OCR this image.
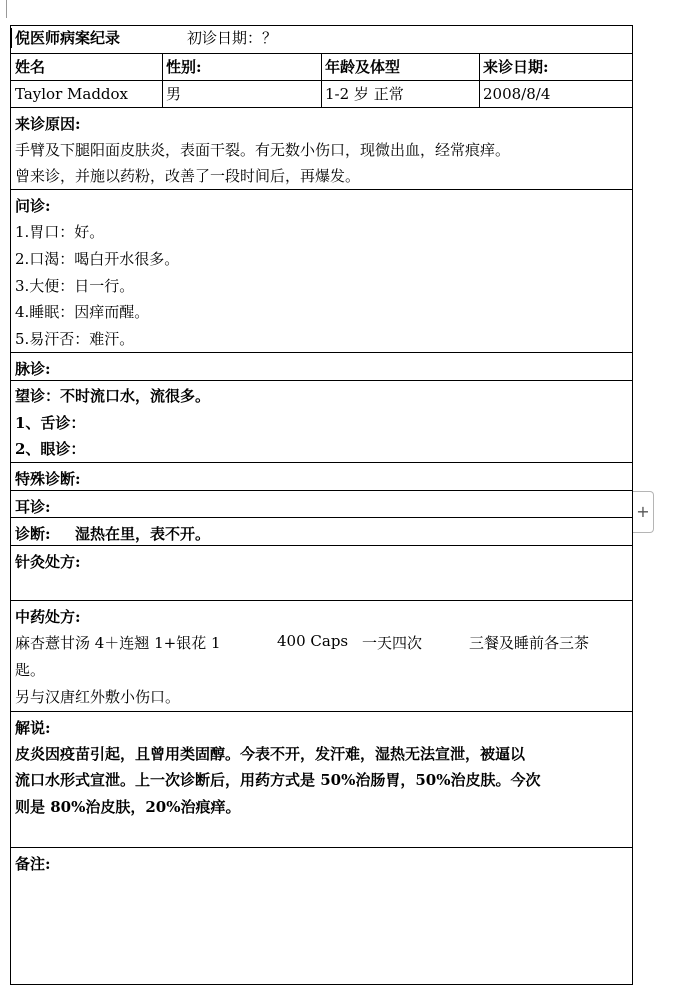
倪医师病案纪录	初诊日期：？
姓名	性别:	年龄及体型	来诊日期:
Taylor Maddox	男	1-2 岁 正常	2008/8/4
来诊原因:
手臂及下腿阳面皮肤炎，表面干裂。有无数小伤口，现微出血，经常痕痒。
曾来诊，并施以药粉，改善了一段时间后，再爆发。
问诊:
1.胃口：好。
2.口渴：喝白开水很多。
3.大便：日一行。
4.睡眠：因痒而醒。
5.易汗否：难汗。
脉诊:
望诊：不时流口水，流很多。
1、舌诊：
2、眼诊：
特殊诊断:
耳诊:
诊断: 湿热在里，表不开。
针灸处方:
中药处方:
麻杏薏甘汤 4＋连翘 1+银花 1	400 Caps 一天四次	三餐及睡前各三茶
匙。
另与汉唐红外敷小伤口。
解说:
皮炎因疫苗引起，且曾用类固醇。今表不开，发汗难，湿热无法宣泄，被逼以
流口水形式宣泄。上一次诊断后，用药方式是 50%治肠胃，50%治皮肤。今次
则是 80%治皮肤，20%治痕痒。
备注:
+
